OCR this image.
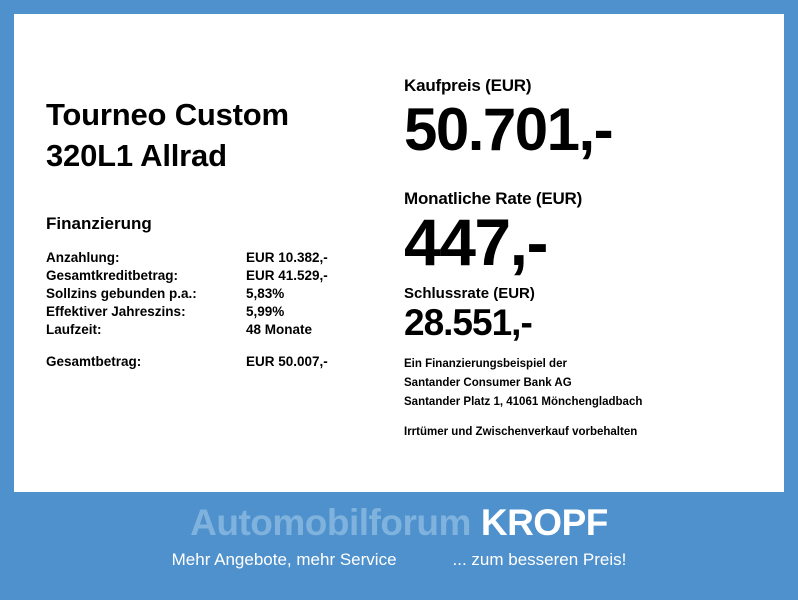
Tourneo Custom
320L1 Allrad
Finanzierung
Anzahlung:	EUR 10.382,-
Gesamtkreditbetrag:	EUR 41.529,-
Sollzins gebunden p.a.:	5,83%
Effektiver Jahreszins:	5,99%
Laufzeit:	48 Monate

Gesamtbetrag:	EUR 50.007,-
Kaufpreis (EUR)
50.701,-
Monatliche Rate (EUR)
447,-
Schlussrate (EUR)
28.551,-
Ein Finanzierungsbeispiel der
Santander Consumer Bank AG
Santander Platz 1, 41061 Mönchengladbach
Irrtümer und Zwischenverkauf vorbehalten
Automobilforum KROPF
Mehr Angebote, mehr Service	... zum besseren Preis!
